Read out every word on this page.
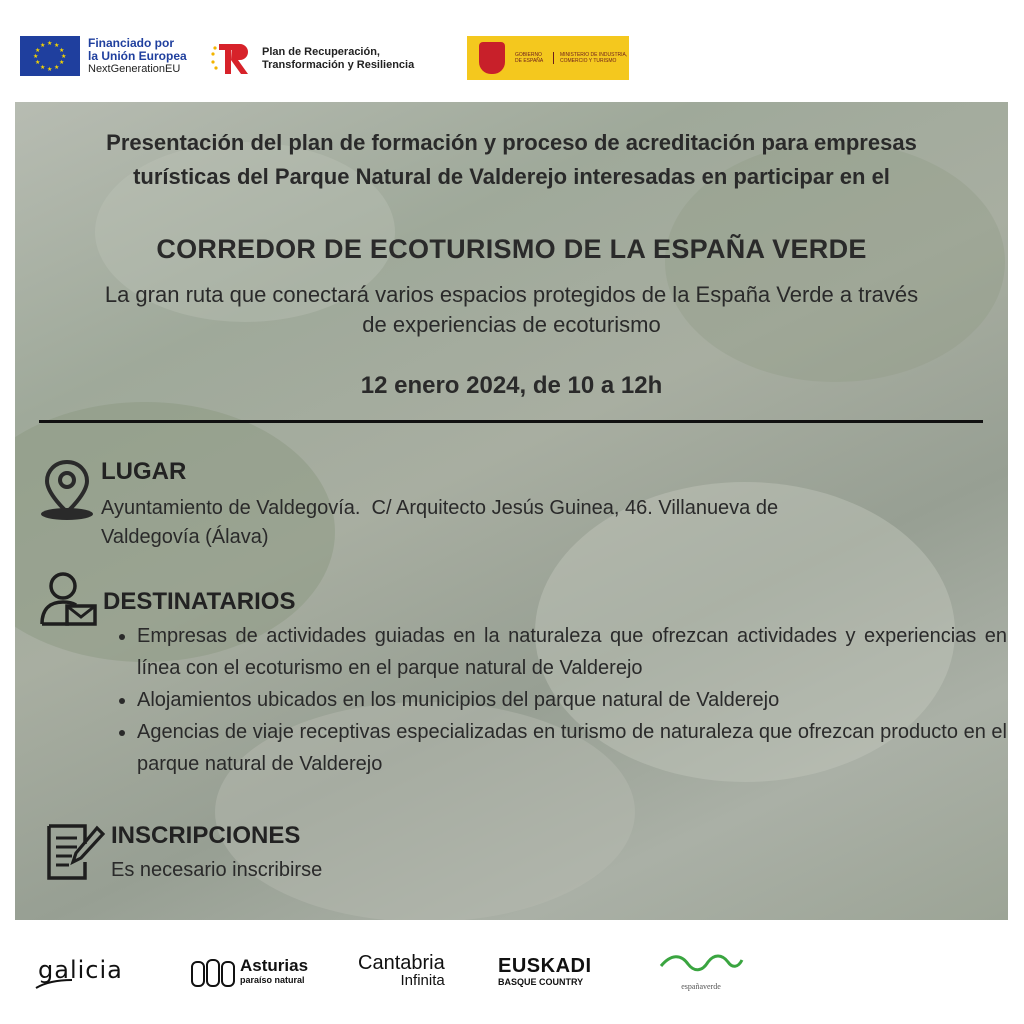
★ ★
★
★
★
★
★
★
★
★
★
★	Financiado por
la Unión Europea
NextGenerationEU
Plan de Recuperación,
Transformación y Resiliencia
GOBIERNO DE ESPAÑA
MINISTERIO DE INDUSTRIA, COMERCIO Y TURISMO
Presentación del plan de formación y proceso de acreditación para empresas
turísticas del Parque Natural de Valderejo interesadas en participar en el
CORREDOR DE ECOTURISMO DE LA ESPAÑA VERDE
La gran ruta que conectará varios espacios protegidos de la España Verde a través
de experiencias de ecoturismo
12 enero 2024, de 10 a 12h
LUGAR
Ayuntamiento de Valdegovía.  C/ Arquitecto Jesús Guinea, 46. Villanueva de
Valdegovía (Álava)
DESTINATARIOS
• Empresas de actividades guiadas en la naturaleza que ofrezcan actividades y experiencias en línea con el ecoturismo en el parque natural de Valderejo
• Alojamientos ubicados en los municipios del parque natural de Valderejo
• Agencias de viaje receptivas especializadas en turismo de naturaleza que ofrezcan producto en el parque natural de Valderejo
INSCRIPCIONES
Es necesario inscribirse
galicia	Asturias
paraíso natural
Cantabria
Infinita
EUSKADI
BASQUE COUNTRY	españaverde
